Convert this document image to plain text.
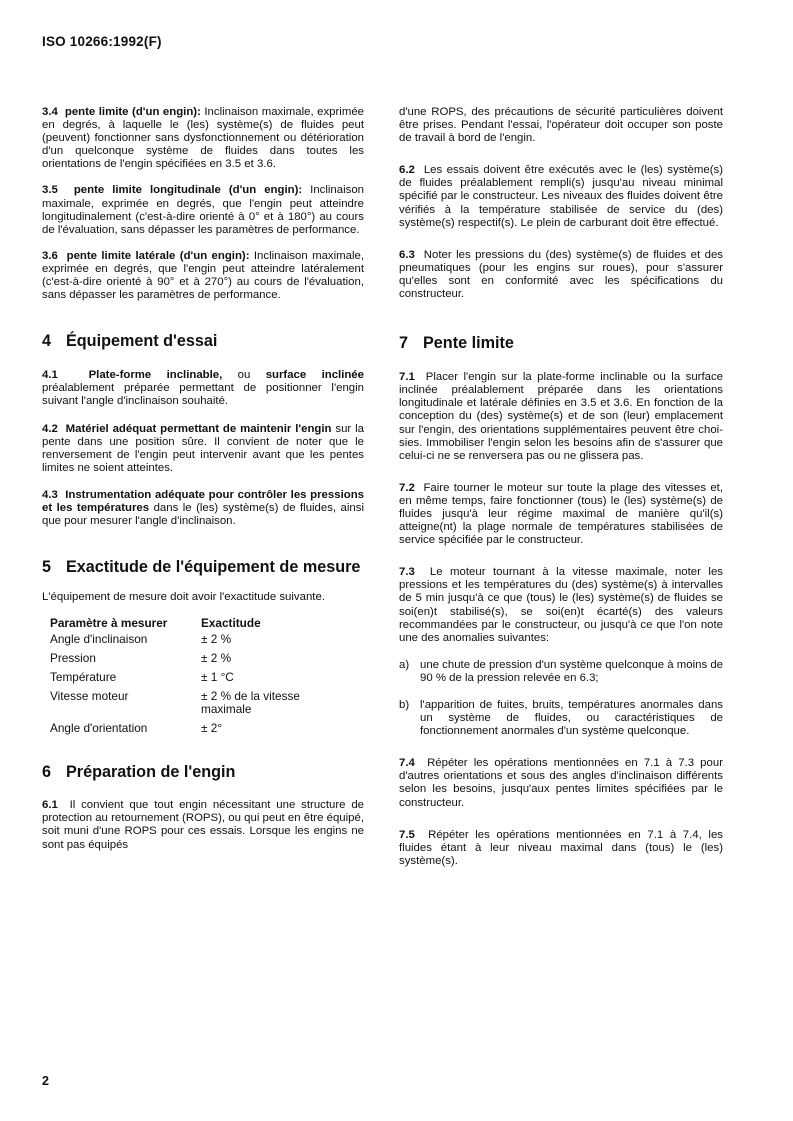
ISO 10266:1992(F)

3.4 pente limite (d'un engin): Inclinaison maximale, exprimée en degrés, à laquelle le (les) système(s) de fluides peut (peuvent) fonctionner sans dysfonctionnement ou détérioration d'un quelconque système de fluides dans toutes les orientations de l'engin spécifiées en 3.5 et 3.6.

3.5 pente limite longitudinale (d'un engin): Inclinaison maximale, exprimée en degrés, que l'engin peut atteindre longitudinalement (c'est-à-dire orienté à 0° et à 180°) au cours de l'évaluation, sans dépasser les paramètres de performance.

3.6 pente limite latérale (d'un engin): Inclinaison maximale, exprimée en degrés, que l'engin peut atteindre latéralement (c'est-à-dire orienté à 90° et à 270°) au cours de l'évaluation, sans dépasser les paramètres de performance.

4 Équipement d'essai

4.1	Plate-forme inclinable, ou surface inclinée préalablement préparée permettant de positionner l'engin suivant l'angle d'inclinaison souhaité.

4.2 Matériel adéquat permettant de maintenir l'engin sur la pente dans une position sûre. Il convient de noter que le renversement de l'engin peut intervenir avant que les pentes limites ne soient atteintes.

4.3 Instrumentation adéquate pour contrôler les pressions et les températures dans le (les) système(s) de fluides, ainsi que pour mesurer l'angle d'inclinaison.

5 Exactitude de l'équipement de mesure

L'équipement de mesure doit avoir l'exactitude suivante.

Paramètre à mesurer	Exactitude
Angle d'inclinaison	± 2 %
Pression	± 2 %
Température	± 1 °C
Vitesse moteur	± 2 % de la vitesse maximale
Angle d'orientation	± 2°
6 Préparation de l'engin

6.1 Il convient que tout engin nécessitant une structure de protection au retournement (ROPS), ou qui peut en être équipé, soit muni d'une ROPS pour ces essais. Lorsque les engins ne sont pas équipés

d'une ROPS, des précautions de sécurité particulières doivent être prises. Pendant l'essai, l'opérateur doit occuper son poste de travail à bord de l'engin.

6.2 Les essais doivent être exécutés avec le (les) système(s) de fluides préalablement rempli(s) jusqu'au niveau minimal spécifié par le constructeur. Les niveaux des fluides doivent être vérifiés à la température stabilisée de service du (des) système(s) respectif(s). Le plein de carburant doit être effectué.

6.3 Noter les pressions du (des) système(s) de fluides et des pneumatiques (pour les engins sur roues), pour s'assurer qu'elles sont en conformité avec les spécifications du constructeur.

7 Pente limite

7.1 Placer l'engin sur la plate-forme inclinable ou la surface inclinée préalablement préparée dans les orientations longitudinale et latérale définies en 3.5 et 3.6. En fonction de la conception du (des) système(s) et de son (leur) emplacement sur l'engin, des orientations supplémentaires peuvent être choisies. Immobiliser l'engin selon les besoins afin de s'assurer que celui-ci ne se renversera pas ou ne glissera pas.

7.2 Faire tourner le moteur sur toute la plage des vitesses et, en même temps, faire fonctionner (tous) le (les) système(s) de fluides jusqu'à leur régime maximal de manière qu'il(s) atteigne(nt) la plage normale de températures stabilisées de service spécifiée par le constructeur.

7.3 Le moteur tournant à la vitesse maximale, noter les pressions et les températures du (des) système(s) à intervalles de 5 min jusqu'à ce que (tous) le (les) système(s) de fluides se soi(en)t stabilisé(s), se soi(en)t écarté(s) des valeurs recommandées par le constructeur, ou jusqu'à ce que l'on note une des anomalies suivantes:

a) une chute de pression d'un système quelconque à moins de 90 % de la pression relevée en 6.3;
b) l'apparition de fuites, bruits, températures anormales dans un système de fluides, ou caractéristiques de fonctionnement anormales d'un système quelconque.

7.4 Répéter les opérations mentionnées en 7.1 à 7.3 pour d'autres orientations et sous des angles d'inclinaison différents selon les besoins, jusqu'aux pentes limites spécifiées par le constructeur.

7.5 Répéter les opérations mentionnées en 7.1 à 7.4, les fluides étant à leur niveau maximal dans (tous) le (les) système(s).

2
